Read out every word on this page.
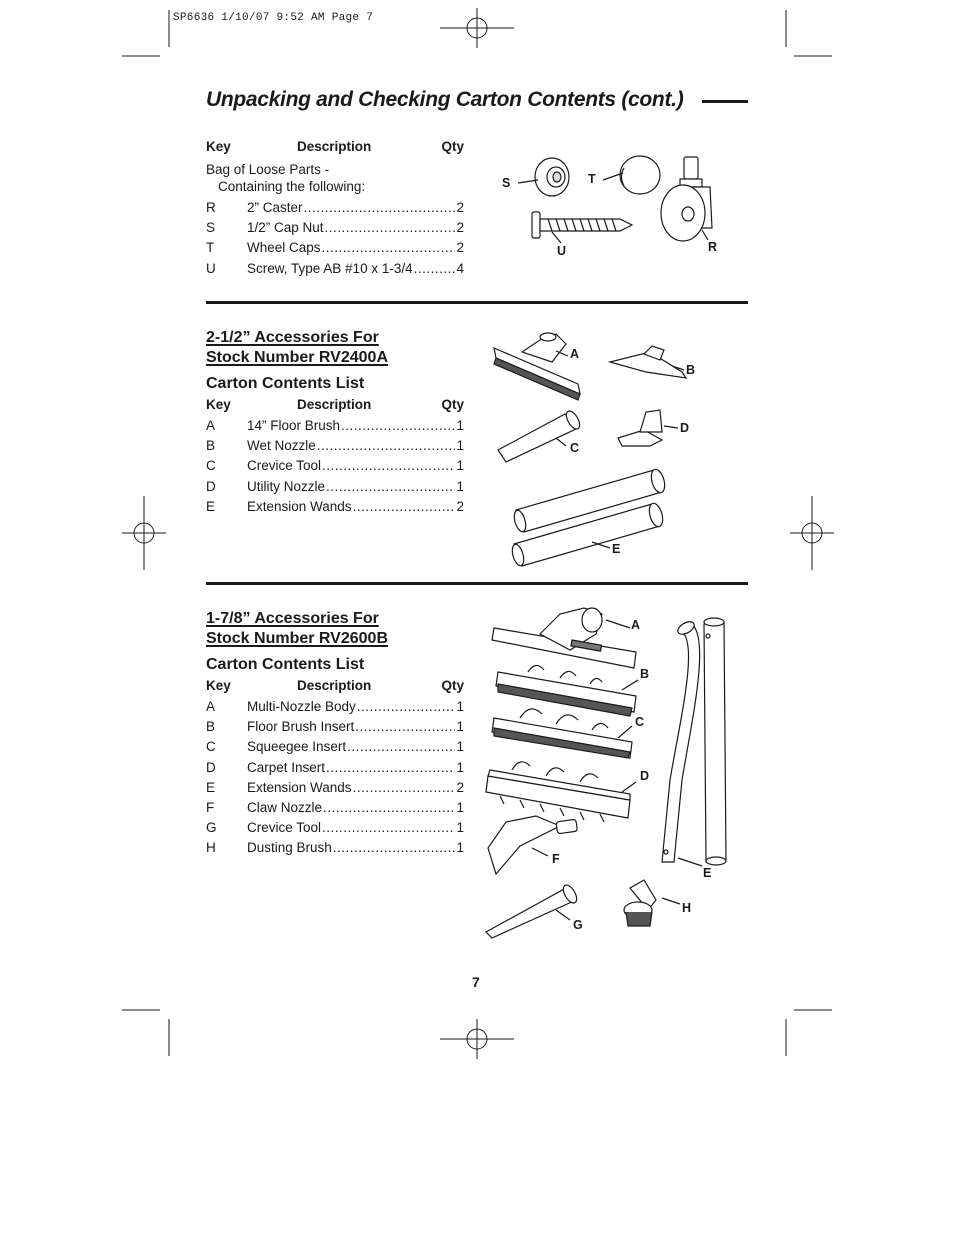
SP6636 1/10/07 9:52 AM Page 7
Unpacking and Checking Carton Contents (cont.)
Key	Description	Qty
Bag of Loose Parts -
Containing the following:
R	2” Caster .....	2
S	1/2” Cap Nut .....	2
T	Wheel Caps .....	2
U	Screw, Type AB #10 x 1-3/4 .....	4
S	T
U	R
2-1/2” Accessories For
Stock Number RV2400A
Carton Contents List
Key	Description	Qty
A	14” Floor Brush .....	1
B	Wet Nozzle .....	1
C	Crevice Tool .....	1
D	Utility Nozzle .....	1
E	Extension Wands .....	2
A
B
C
D
E
1-7/8” Accessories For
Stock Number RV2600B
Carton Contents List
Key	Description	Qty
A	Multi-Nozzle Body .....	1
B	Floor Brush Insert .....	1
C	Squeegee Insert .....	1
D	Carpet Insert .....	1
E	Extension Wands .....	2
F	Claw Nozzle .....	1
G	Crevice Tool .....	1
H	Dusting Brush .....	1
A
B
C
D
E
F
G
H
7
